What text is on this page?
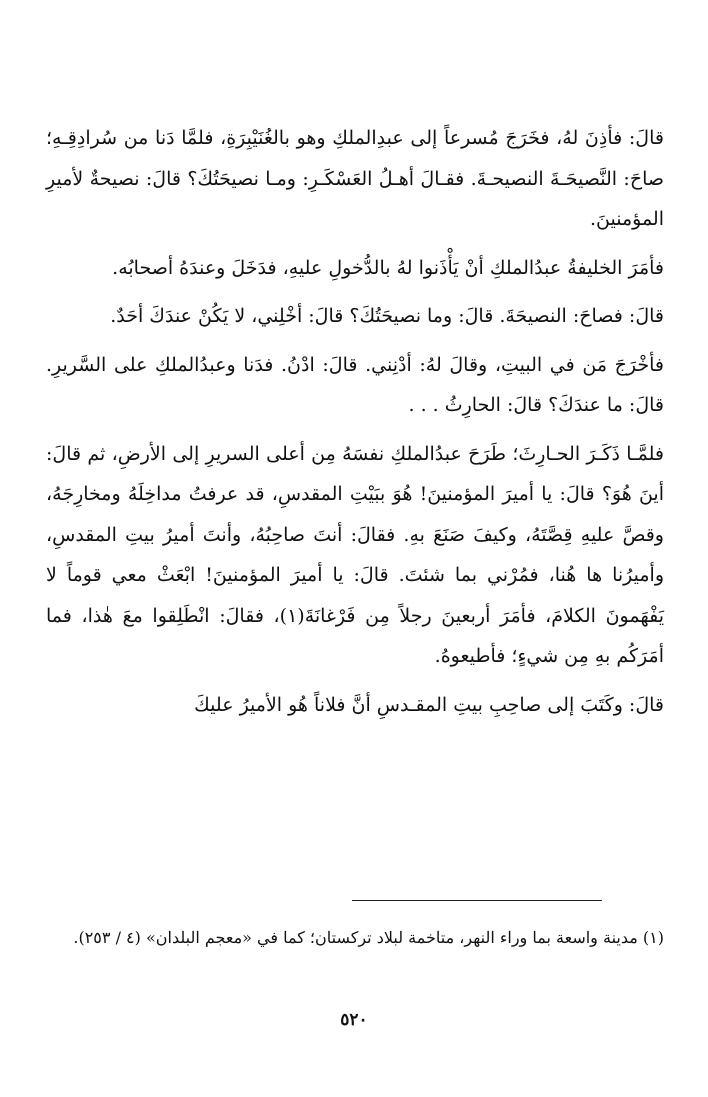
قالَ: فأذِنَ لهُ، فخَرَجَ مُسرعاً إلى عبدِالملكِ وهو بالغُنَيْبِرَةِ، فلمَّا دَنا من سُرادِقِـهِ؛ صاحَ: النَّصيحَـةَ النصيحـةَ. فقـالَ أهـلُ العَسْكَـرِ: ومـا نصيحَتُكَ؟ قالَ: نصيحةٌ لأميرِ المؤمنينَ.

فأمَرَ الخليفةُ عبدُالملكِ أنْ يَأْذَنوا لهُ بالدُّخولِ عليهِ، فدَخَلَ وعندَهُ أصحابُه.

قالَ: فصاحَ: النصيحَةَ. قالَ: وما نصيحَتُكَ؟ قالَ: أخْلِني، لا يَكُنْ عندَكَ أحَدٌ.

فأخْرَجَ مَن في البيتِ، وقالَ لهُ: أدْنِني. قالَ: ادْنُ. فدَنا وعبدُالملكِ على السَّريرِ. قالَ: ما عندَكَ؟ قالَ: الحارِثُ . . .

فلمَّـا ذَكَـرَ الحـارِثَ؛ طَرَحَ عبدُالملكِ نفسَهُ مِن أعلى السريرِ إلى الأرضِ، ثم قالَ: أينَ هُوَ؟ قالَ: يا أميرَ المؤمنينَ! هُوَ ببَيْتِ المقدسِ، قد عرفتُ مداخِلَهُ ومخارِجَهُ، وقصَّ عليهِ قِصَّتَهُ، وكيفَ صَنَعَ بهِ. فقالَ: أنتَ صاحِبُهُ، وأنتَ أميرُ بيتِ المقدسِ، وأميرُنا ها هُنا، فمُرْني بما شئتَ. قالَ: يا أميرَ المؤمنينَ! ابْعَثْ معي قوماً لا يَفْهَمونَ الكلامَ، فأمَرَ أربعينَ رجلاً مِن فَرْغانَةَ(١)، فقالَ: انْطَلِقوا معَ هٰذا، فما أمَرَكُم بهِ مِن شيءٍ؛ فأطيعوهُ.

قالَ: وكَتَبَ إلى صاحِبِ بيتِ المقـدسِ أنَّ فلاناً هُو الأميرُ عليكَ

(١) مدينة واسعة بما وراء النهر، متاخمة لبلاد تركستان؛ كما في «معجم البلدان» (٤ / ٢٥٣).

٥٢٠
